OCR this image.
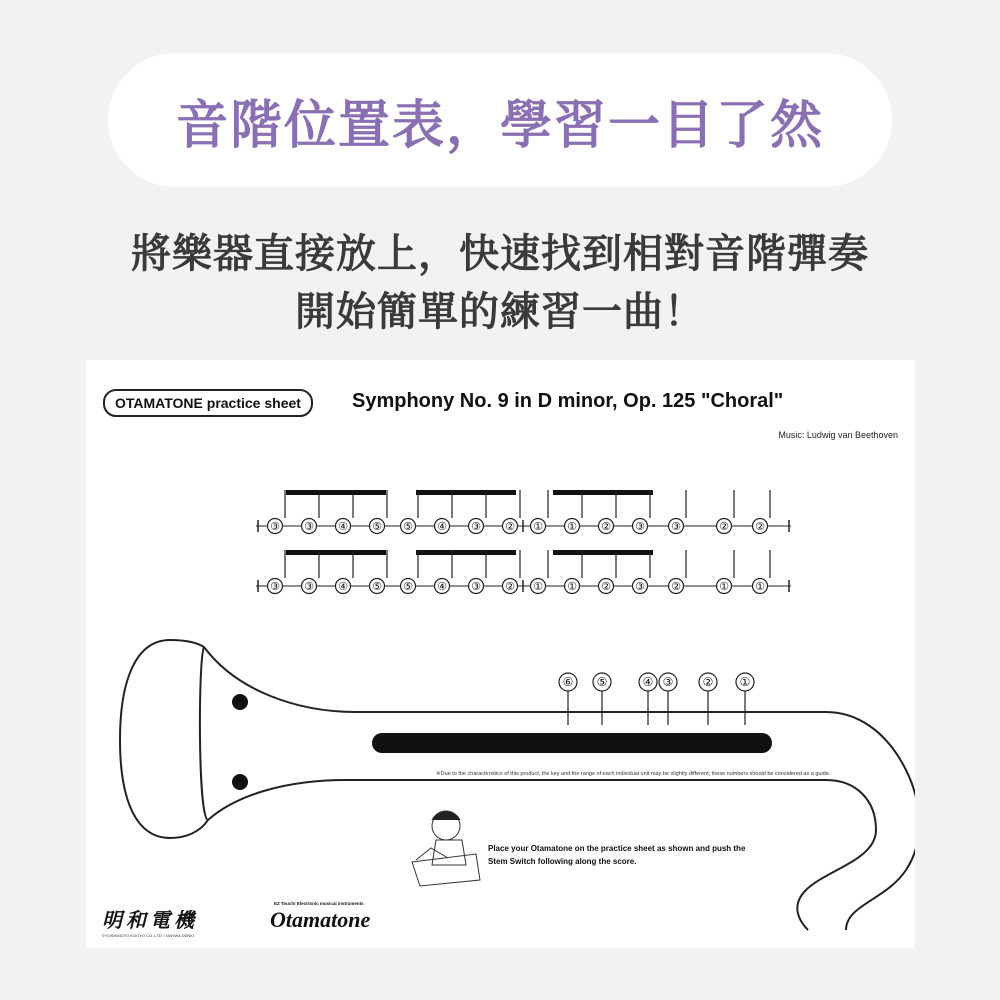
音階位置表，學習一目了然
將樂器直接放上，快速找到相對音階彈奏
開始簡單的練習一曲！
⑥ ⑤	④ ③ ② ①
③ ③ ④ ⑤ ⑤ ④ ③ ② ① ① ② ③ ③	② ②
③ ③ ④ ⑤ ⑤ ④ ③ ② ① ① ② ③ ②	① ①
OTAMATONE practice sheet	Symphony No. 9 in D minor, Op. 125 "Choral"
Music: Ludwig van Beethoven
※Due to the characteristics of this product, the key and the range of each individual unit may be slightly different; these numbers should be considered as a guide.
Place your Otamatone on the practice sheet as shown and push the Stem Switch following along the score.
明和電機
EZ Touch! Electronic musical instruments
Otamatone
©YOSHIMOTO KOGYO CO.,LTD. / MAYWA DENKI
